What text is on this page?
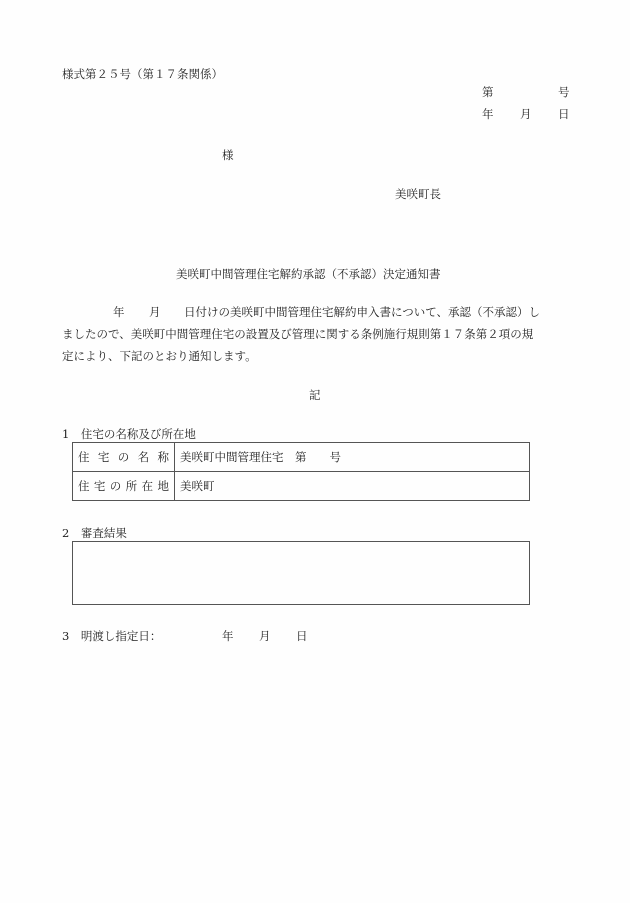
様式第２５号（第１７条関係）
第	号
年 月 日
様
美咲町長
美咲町中間管理住宅解約承認（不承認）決定通知書
年 月 日付けの美咲町中間管理住宅解約申入書について、承認（不承認）し
ましたので、美咲町中間管理住宅の設置及び管理に関する条例施行規則第１７条第２項の規
定により、下記のとおり通知します。
記
1　住宅の名称及び所在地
住 宅 の 名 称	美咲町中間管理住宅　第　　号

住 宅 の 所 在 地	美咲町
2　審査結果
3　明渡し指定日：	年 月 日
